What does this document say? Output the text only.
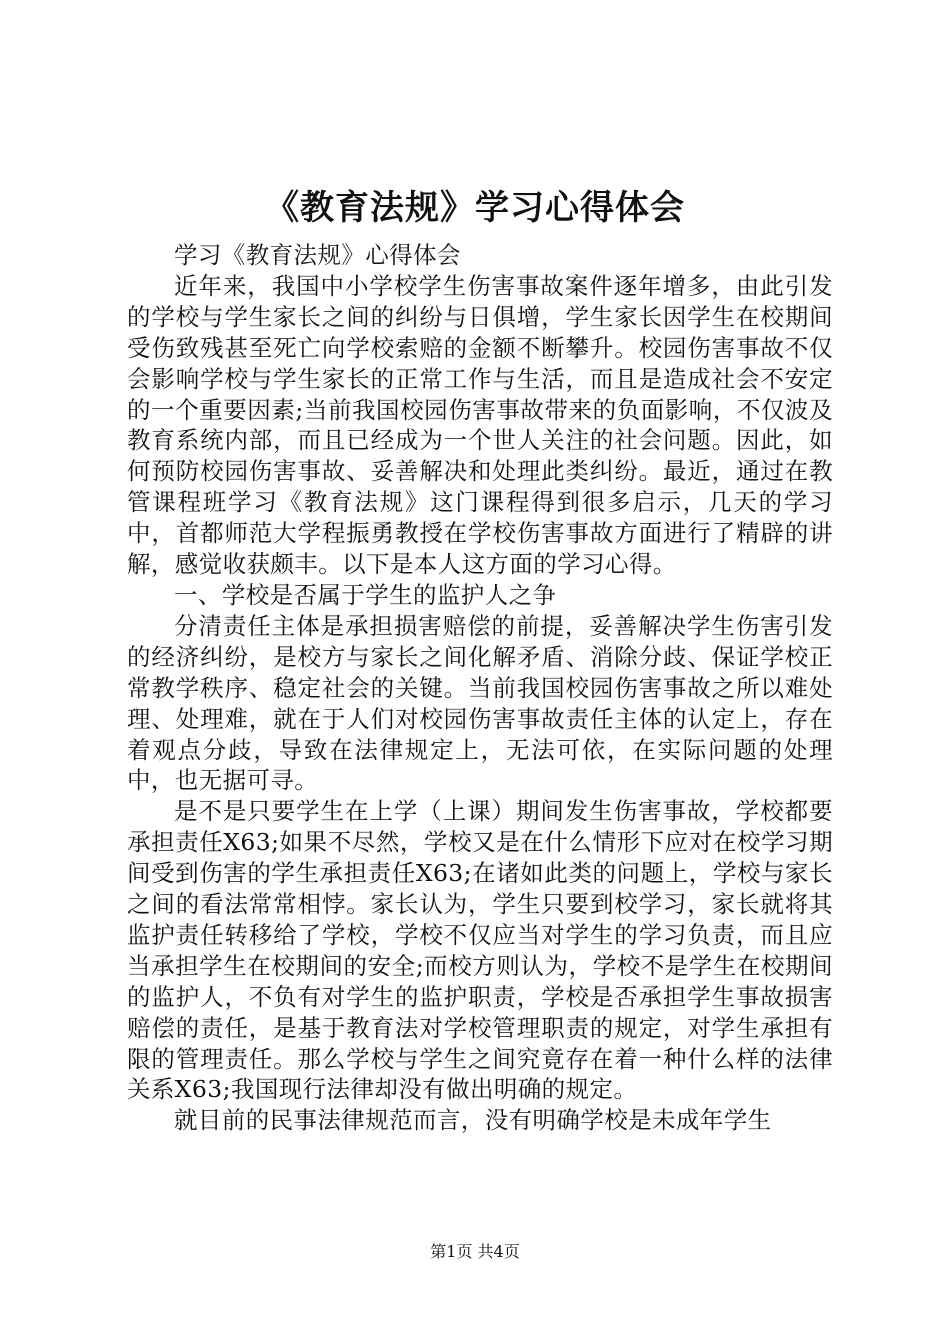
《教育法规》学习心得体会

学习《教育法规》心得体会

近年来，我国中小学校学生伤害事故案件逐年增多，由此引发的学校与学生家长之间的纠纷与日俱增，学生家长因学生在校期间受伤致残甚至死亡向学校索赔的金额不断攀升。校园伤害事故不仅会影响学校与学生家长的正常工作与生活，而且是造成社会不安定的一个重要因素;当前我国校园伤害事故带来的负面影响，不仅波及教育系统内部，而且已经成为一个世人关注的社会问题。因此，如何预防校园伤害事故、妥善解决和处理此类纠纷。最近，通过在教管课程班学习《教育法规》这门课程得到很多启示，几天的学习中，首都师范大学程振勇教授在学校伤害事故方面进行了精辟的讲解，感觉收获颇丰。以下是本人这方面的学习心得。

一、学校是否属于学生的监护人之争

分清责任主体是承担损害赔偿的前提，妥善解决学生伤害引发的经济纠纷，是校方与家长之间化解矛盾、消除分歧、保证学校正常教学秩序、稳定社会的关键。当前我国校园伤害事故之所以难处理、处理难，就在于人们对校园伤害事故责任主体的认定上，存在着观点分歧，导致在法律规定上，无法可依，在实际问题的处理中，也无据可寻。

是不是只要学生在上学（上课）期间发生伤害事故，学校都要承担责任X63;如果不尽然，学校又是在什么情形下应对在校学习期间受到伤害的学生承担责任X63;在诸如此类的问题上，学校与家长之间的看法常常相悖。家长认为，学生只要到校学习，家长就将其监护责任转移给了学校，学校不仅应当对学生的学习负责，而且应当承担学生在校期间的安全;而校方则认为，学校不是学生在校期间的监护人，不负有对学生的监护职责，学校是否承担学生事故损害赔偿的责任，是基于教育法对学校管理职责的规定，对学生承担有限的管理责任。那么学校与学生之间究竟存在着一种什么样的法律关系X63;我国现行法律却没有做出明确的规定。

就目前的民事法律规范而言，没有明确学校是未成年学生

第1页 共4页
